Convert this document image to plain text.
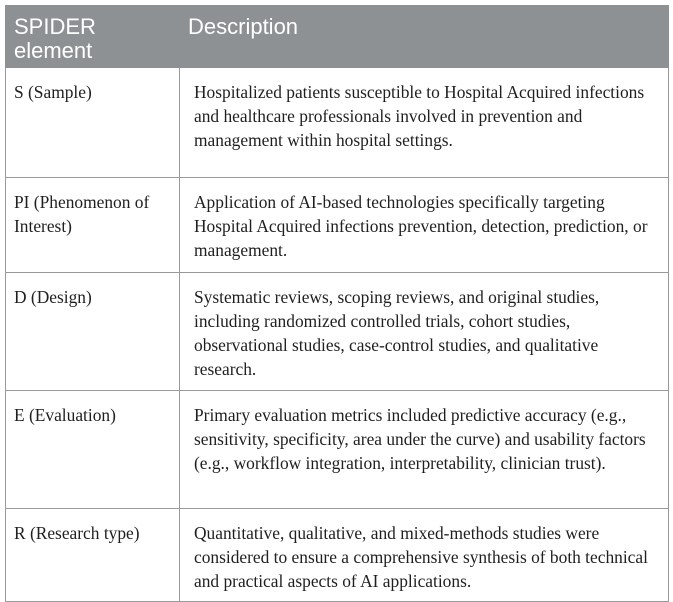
SPIDER element	Description
S (Sample)	Hospitalized patients susceptible to Hospital Acquired infections and healthcare professionals involved in prevention and management within hospital settings.
PI (Phenomenon of Interest)	Application of AI-based technologies specifically targeting Hospital Acquired infections prevention, detection, prediction, or management.
D (Design)	Systematic reviews, scoping reviews, and original studies, including randomized controlled trials, cohort studies, observational studies, case-control studies, and qualitative research.
E (Evaluation)	Primary evaluation metrics included predictive accuracy (e.g., sensitivity, specificity, area under the curve) and usability factors (e.g., workflow integration, interpretability, clinician trust).
R (Research type)	Quantitative, qualitative, and mixed-methods studies were considered to ensure a comprehensive synthesis of both technical and practical aspects of AI applications.
